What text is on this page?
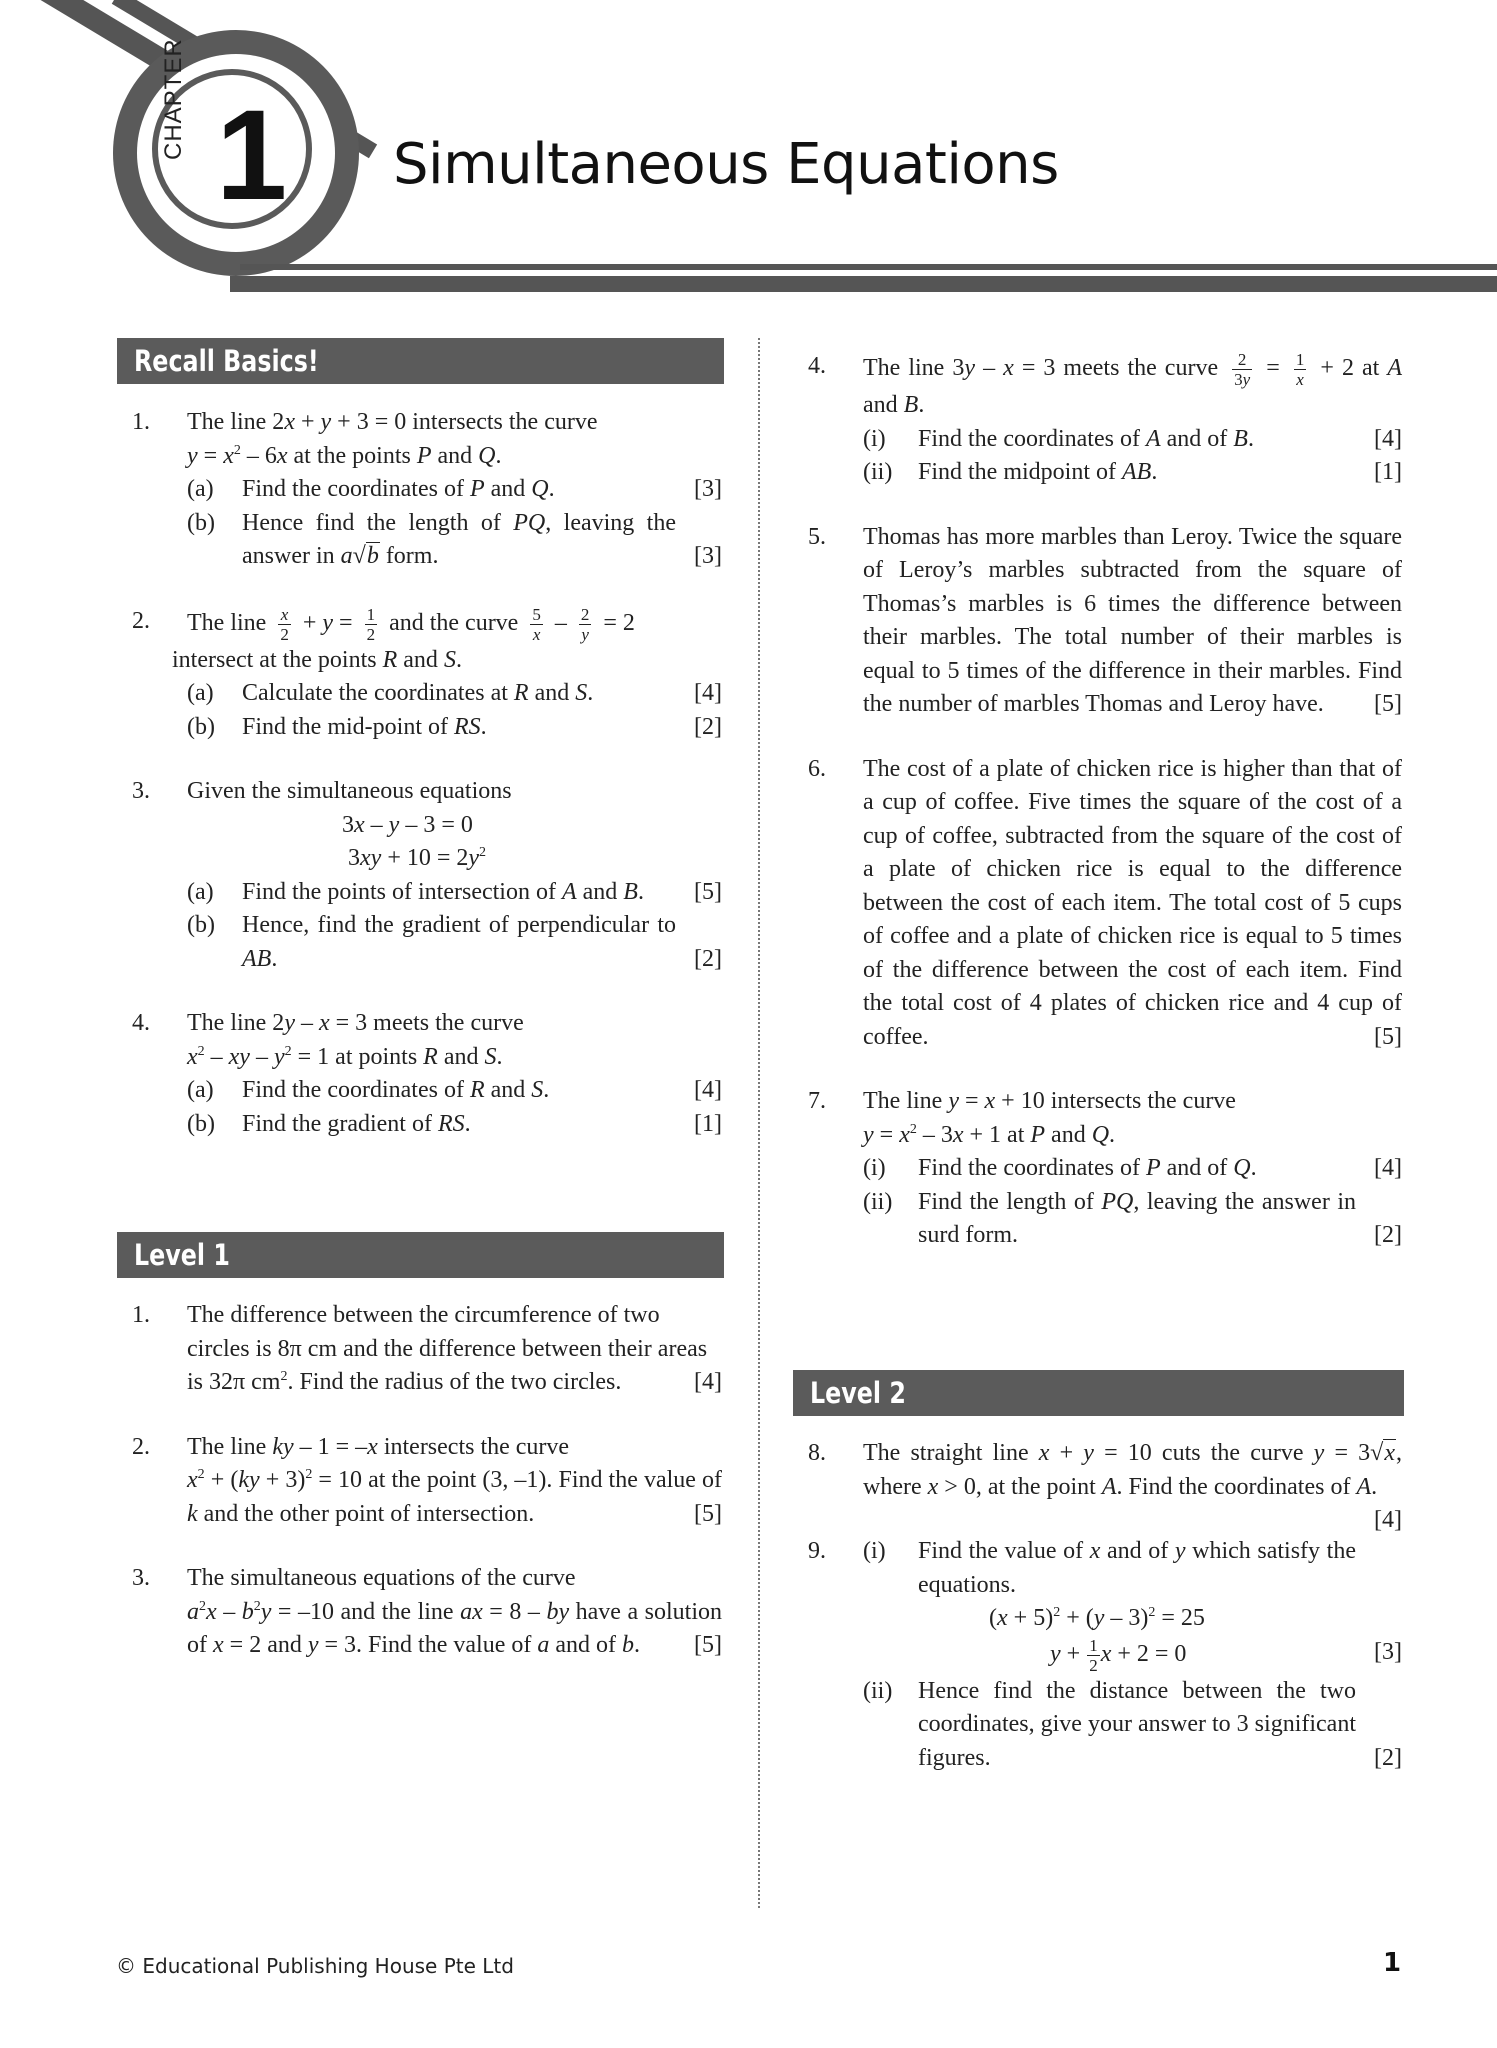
CHAPTER 1 Simultaneous Equations
Recall Basics!
Level 1
Level 2
1. The line 2x + y + 3 = 0 intersects the curve
$y = x^2 - 6x$ at the points P and Q.
(a) Find the coordinates of P and Q.	[3]
(b) Hence find the length of PQ, leaving the answer in a√b form.	[3]
2. The line $\frac{x}{2} + y = \frac{1}{2}$ and the curve $\frac{5}{x} - \frac{2}{y} = 2$
intersect at the points R and S.
(a) Calculate the coordinates at R and S.	[4]
(b) Find the mid-point of RS.	[2]
3. Given the simultaneous equations
3x – y – 3 = 0
$3xy + 10 = 2y^2$
(a) Find the points of intersection of A and B. [5]
(b) Hence, find the gradient of perpendicular to AB.	[2]
4. The line 2y – x = 3 meets the curve
$x^2$ – xy – $y^2 = 1$ at points R and S.
(a) Find the coordinates of R and S.	[4]
(b) Find the gradient of RS.	[1]
1. The difference between the circumference of two circles is 8π cm and the difference between their areas is 32π $cm^2$. Find the radius of the two circles.	[4]
2. The line ky – 1 = –x intersects the curve
$x^2 + (ky + 3)^2 = 10$ at the point (3, –1). Find the value of k and the other point of intersection.	[5]
3. The simultaneous equations of the curve
$a^2x - b^2y = -10$ and the line ax = 8 – by have a solution of x = 2 and y = 3. Find the value of a and of b. [5]
4. The line 3y – x = 3 meets the curve $\frac{2}{3y} = \frac{1}{x} + 2$ at A and B.
(i) Find the coordinates of A and of B.	[4]
(ii) Find the midpoint of AB.	[1]
5. Thomas has more marbles than Leroy. Twice the square of Leroy’s marbles subtracted from the square of Thomas’s marbles is 6 times the difference between their marbles. The total number of their marbles is equal to 5 times of the difference in their marbles. Find the number of marbles Thomas and Leroy have. [5]
6. The cost of a plate of chicken rice is higher than that of a cup of coffee. Five times the square of the cost of a cup of coffee, subtracted from the square of the cost of a plate of chicken rice is equal to the difference between the cost of each item. The total cost of 5 cups of coffee and a plate of chicken rice is equal to 5 times of the difference between the cost of each item. Find the total cost of 4 plates of chicken rice and 4 cup of coffee.	[5]
7. The line y = x + 10 intersects the curve
$y = x^2 - 3x + 1$ at P and Q.
(i) Find the coordinates of P and of Q.	[4]
(ii) Find the length of PQ, leaving the answer in surd form.	[2]
8. The straight line x + y = 10 cuts the curve y = 3√x, where x > 0, at the point A. Find the coordinates of A.
[4]
9. (i) Find the value of x and of y which satisfy the equations.
$(x + 5)^2 + (y - 3)^2 = 25$
$y + \frac{1}{2}$ x + 2 = 0	[3]
(ii) Hence find the distance between the two coordinates, give your answer to 3 significant figures.	[2]
© Educational Publishing House Pte Ltd	1
